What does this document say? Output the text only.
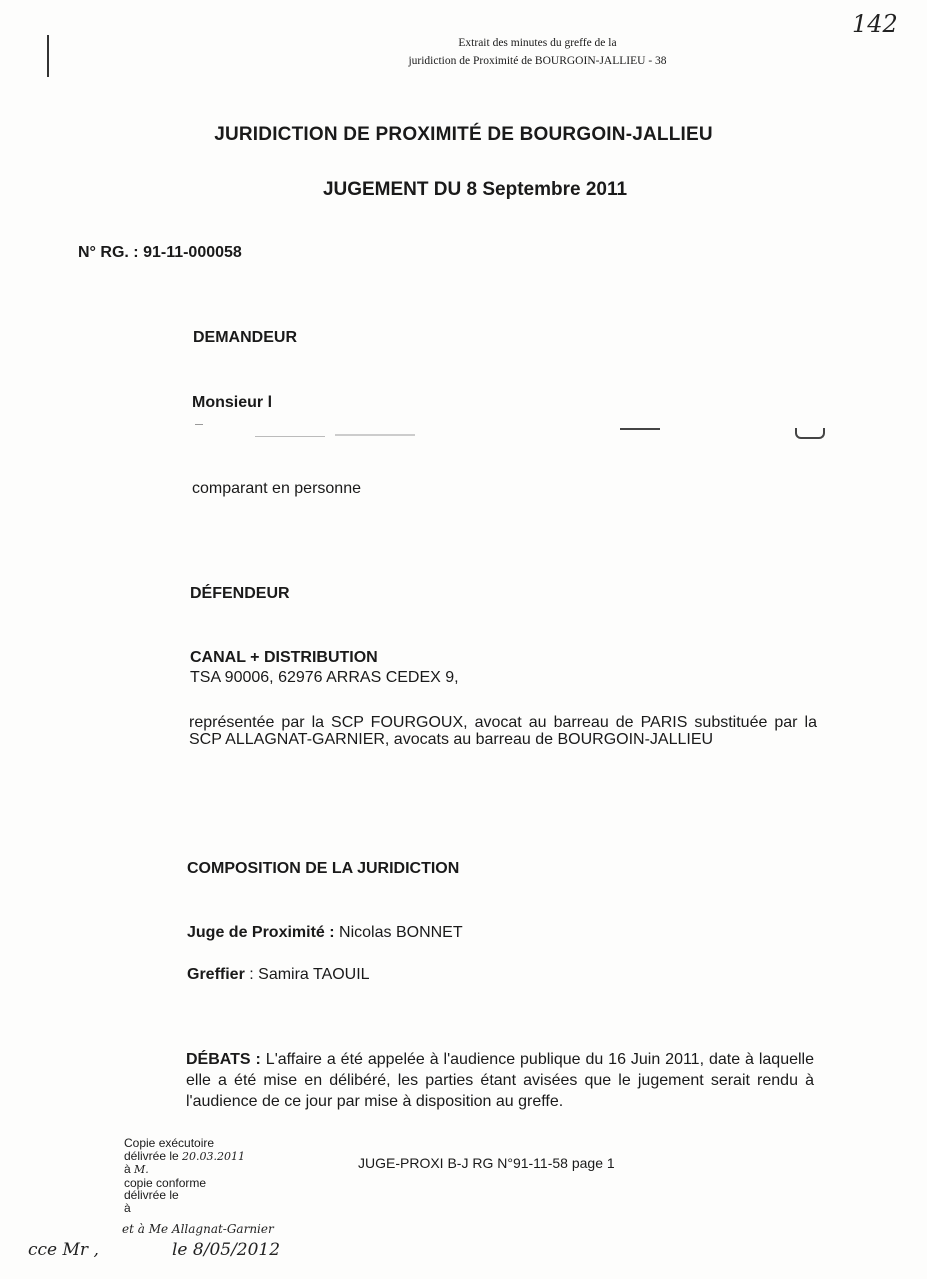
142
Extrait des minutes du greffe de la
juridiction de Proximité de BOURGOIN-JALLIEU - 38
JURIDICTION DE PROXIMITÉ DE BOURGOIN-JALLIEU
JUGEMENT DU 8 Septembre 2011
N° RG. : 91-11-000058
DEMANDEUR
Monsieur l
comparant en personne
DÉFENDEUR
CANAL + DISTRIBUTION
TSA 90006, 62976 ARRAS CEDEX 9,
représentée par la SCP FOURGOUX, avocat au barreau de PARIS substituée par la SCP ALLAGNAT-GARNIER, avocats au barreau de BOURGOIN-JALLIEU
COMPOSITION DE LA JURIDICTION
Juge de Proximité : Nicolas BONNET
Greffier : Samira TAOUIL
DÉBATS : L'affaire a été appelée à l'audience publique du 16 Juin 2011, date à laquelle elle a été mise en délibéré, les parties étant avisées que le jugement serait rendu à l'audience de ce jour par mise à disposition au greffe.
Copie exécutoire
délivrée le 20.03.2011
à M.
copie conforme
délivrée le
à
et à Me Allagnat-Garnier
cce Mr ,	le 8/05/2012
JUGE-PROXI B-J RG N°91-11-58 page 1
